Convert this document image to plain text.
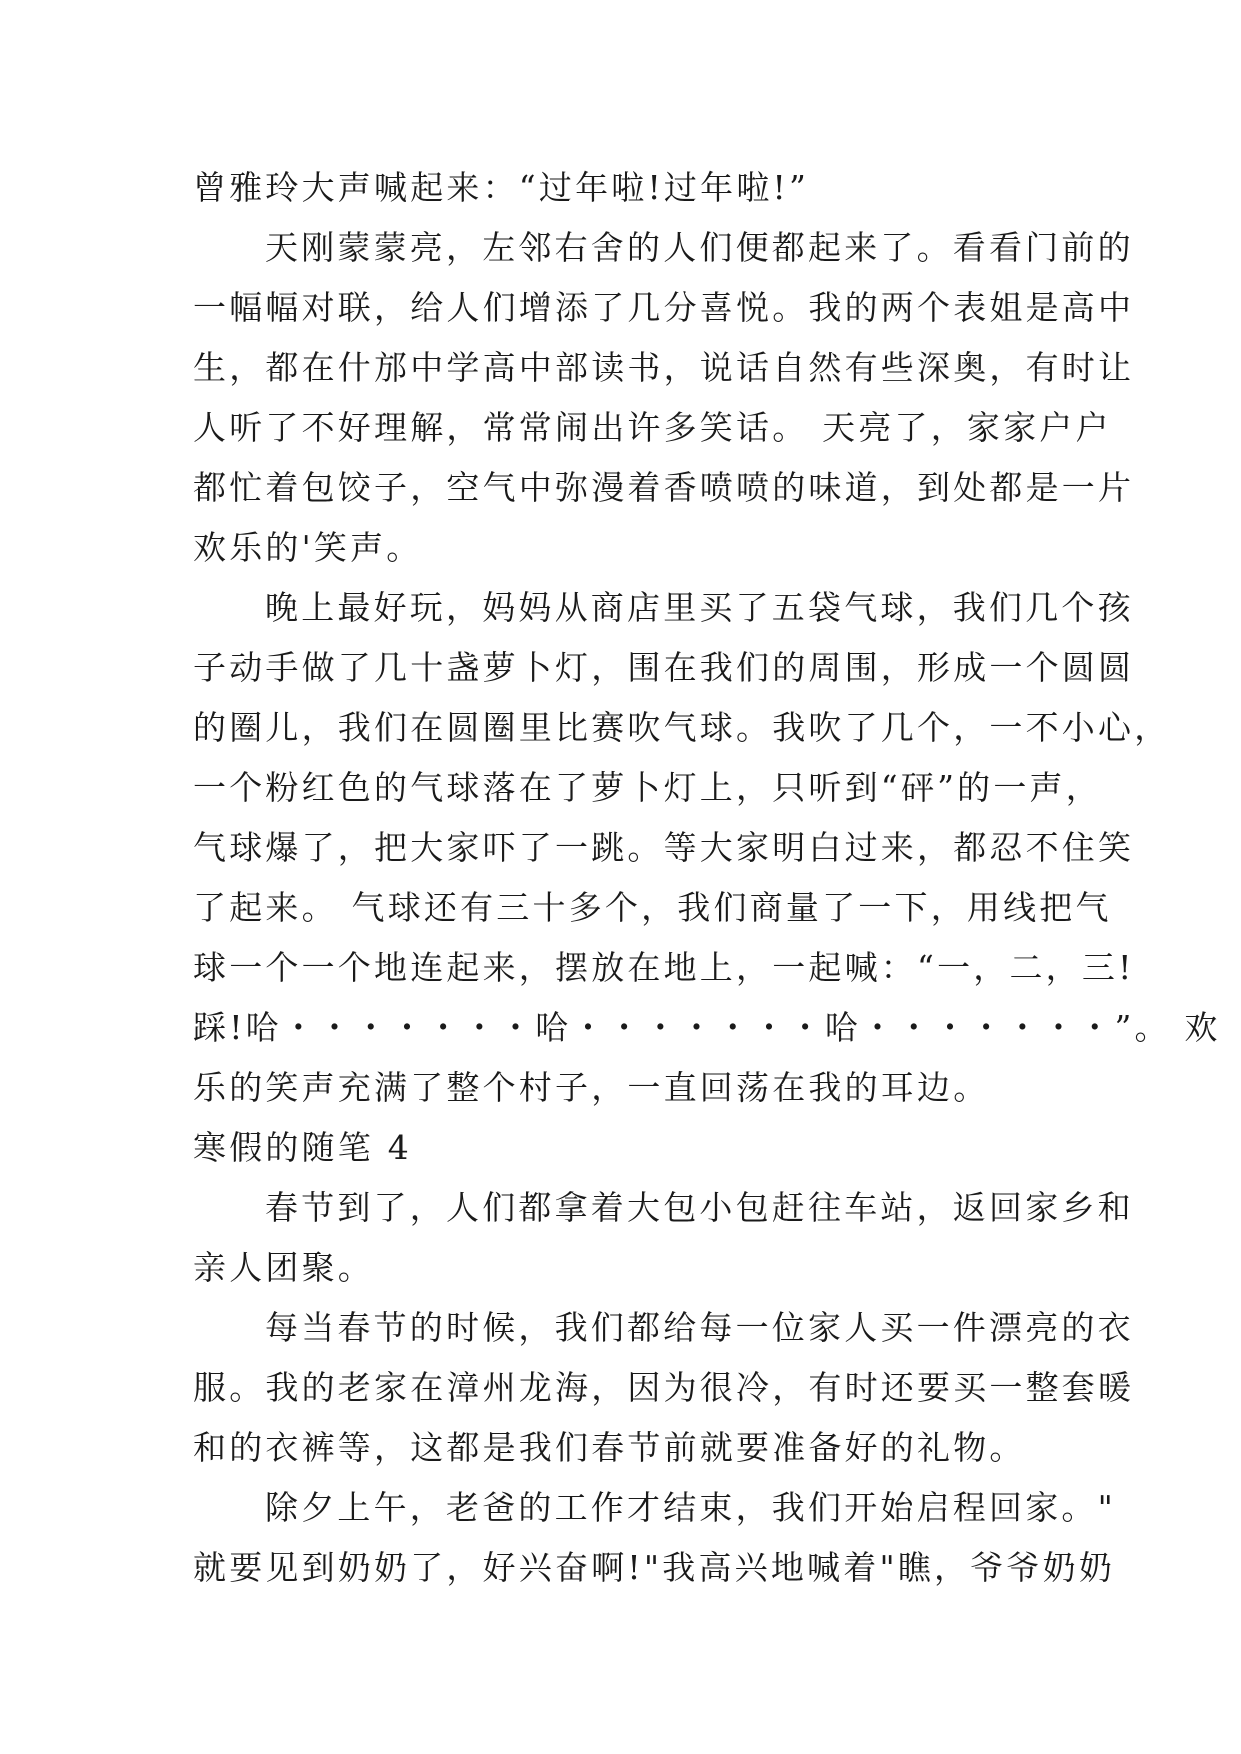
曾雅玲大声喊起来：“过年啦!过年啦!”
天刚蒙蒙亮，左邻右舍的人们便都起来了。看看门前的
一幅幅对联，给人们增添了几分喜悦。我的两个表姐是高中
生，都在什邡中学高中部读书，说话自然有些深奥，有时让
人听了不好理解，常常闹出许多笑话。 天亮了，家家户户
都忙着包饺子，空气中弥漫着香喷喷的味道，到处都是一片
欢乐的'笑声。
晚上最好玩，妈妈从商店里买了五袋气球，我们几个孩
子动手做了几十盏萝卜灯，围在我们的周围，形成一个圆圆
的圈儿，我们在圆圈里比赛吹气球。我吹了几个，一不小心，
一个粉红色的气球落在了萝卜灯上，只听到“砰”的一声，
气球爆了，把大家吓了一跳。等大家明白过来，都忍不住笑
了起来。 气球还有三十多个，我们商量了一下，用线把气
球一个一个地连起来，摆放在地上，一起喊：“一，二，三!
踩!哈・・・・・・・哈・・・・・・・哈・・・・・・・”。 欢
乐的笑声充满了整个村子，一直回荡在我的耳边。
寒假的随笔 4
春节到了，人们都拿着大包小包赶往车站，返回家乡和
亲人团聚。
每当春节的时候，我们都给每一位家人买一件漂亮的衣
服。我的老家在漳州龙海，因为很冷，有时还要买一整套暖
和的衣裤等，这都是我们春节前就要准备好的礼物。
除夕上午，老爸的工作才结束，我们开始启程回家。"
就要见到奶奶了，好兴奋啊!"我高兴地喊着"瞧，爷爷奶奶
